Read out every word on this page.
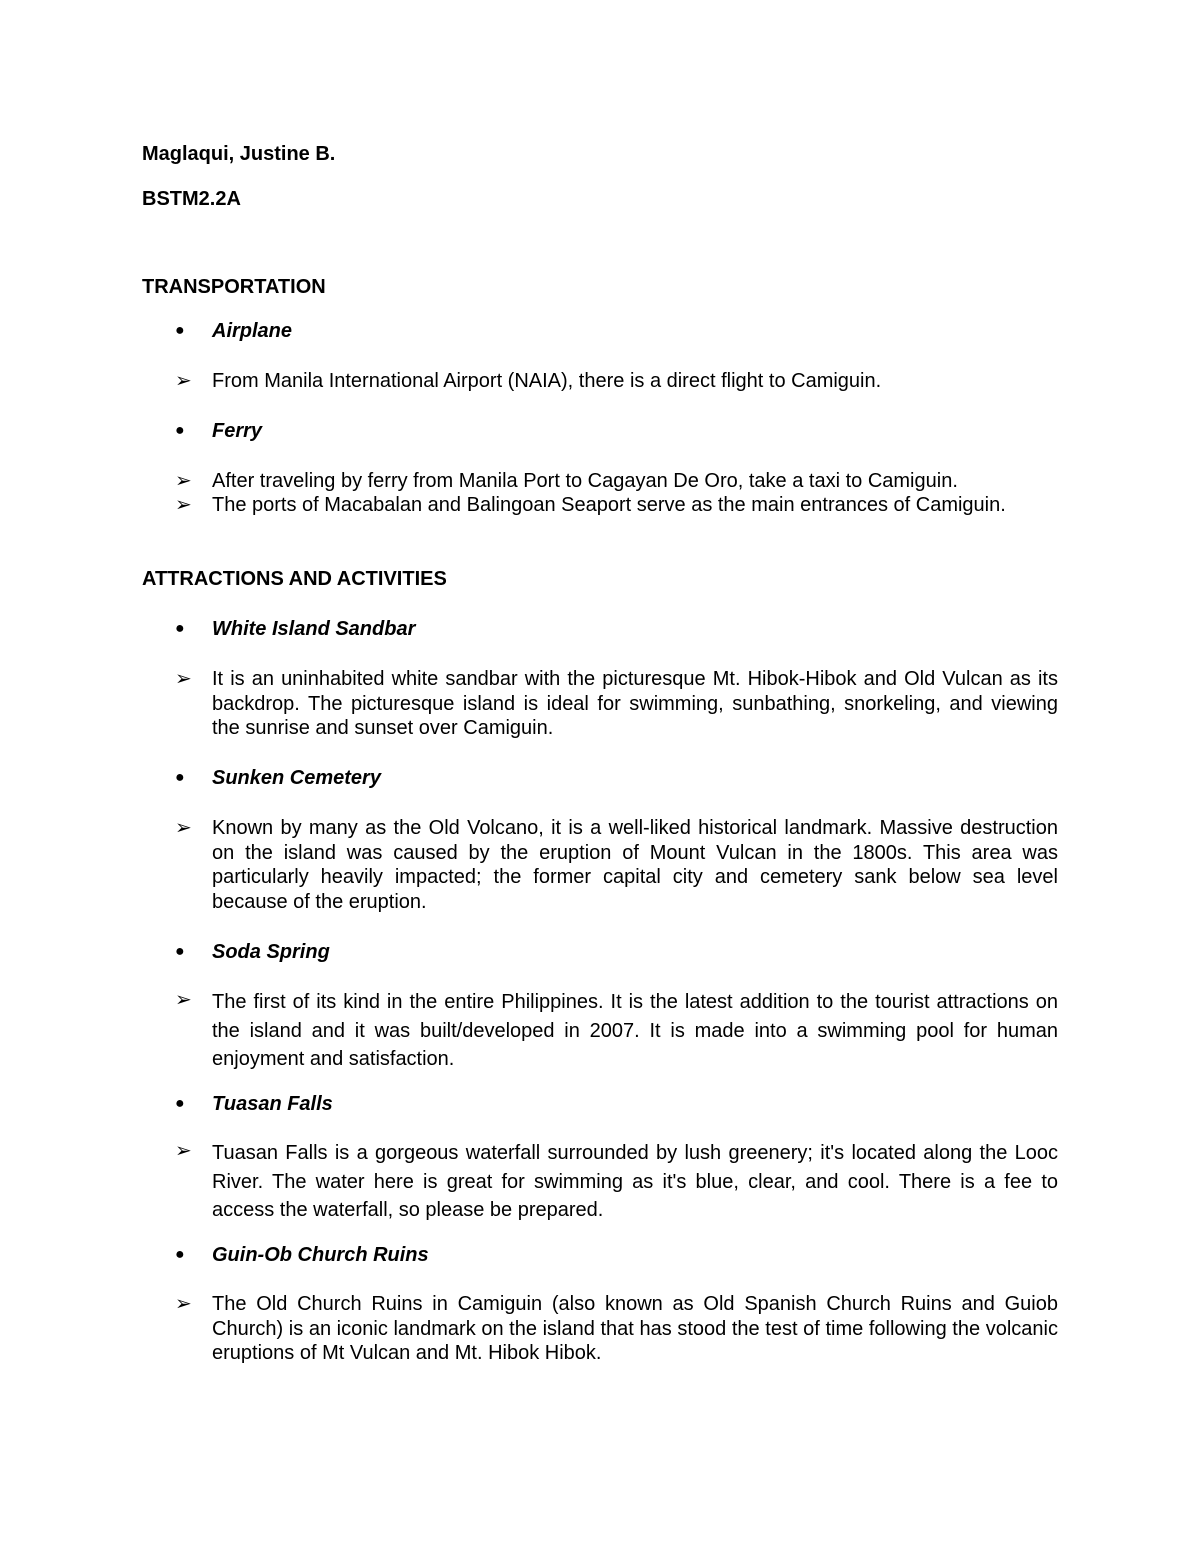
Maglaqui, Justine B.

BSTM2.2A

TRANSPORTATION

● Airplane
➢ From Manila International Airport (NAIA), there is a direct flight to Camiguin.
● Ferry
➢ After traveling by ferry from Manila Port to Cagayan De Oro, take a taxi to Camiguin.
➢ The ports of Macabalan and Balingoan Seaport serve as the main entrances of Camiguin.

ATTRACTIONS AND ACTIVITIES

● White Island Sandbar
➢ It is an uninhabited white sandbar with the picturesque Mt. Hibok-Hibok and Old Vulcan as its backdrop. The picturesque island is ideal for swimming, sunbathing, snorkeling, and viewing the sunrise and sunset over Camiguin.
● Sunken Cemetery
➢ Known by many as the Old Volcano, it is a well-liked historical landmark. Massive destruction on the island was caused by the eruption of Mount Vulcan in the 1800s. This area was particularly heavily impacted; the former capital city and cemetery sank below sea level because of the eruption.
● Soda Spring
➢ The first of its kind in the entire Philippines. It is the latest addition to the tourist attractions on the island and it was built/developed in 2007. It is made into a swimming pool for human enjoyment and satisfaction.
● Tuasan Falls
➢ Tuasan Falls is a gorgeous waterfall surrounded by lush greenery; it's located along the Looc River. The water here is great for swimming as it's blue, clear, and cool. There is a fee to access the waterfall, so please be prepared.
● Guin-Ob Church Ruins
➢ The Old Church Ruins in Camiguin (also known as Old Spanish Church Ruins and Guiob Church) is an iconic landmark on the island that has stood the test of time following the volcanic eruptions of Mt Vulcan and Mt. Hibok Hibok.
